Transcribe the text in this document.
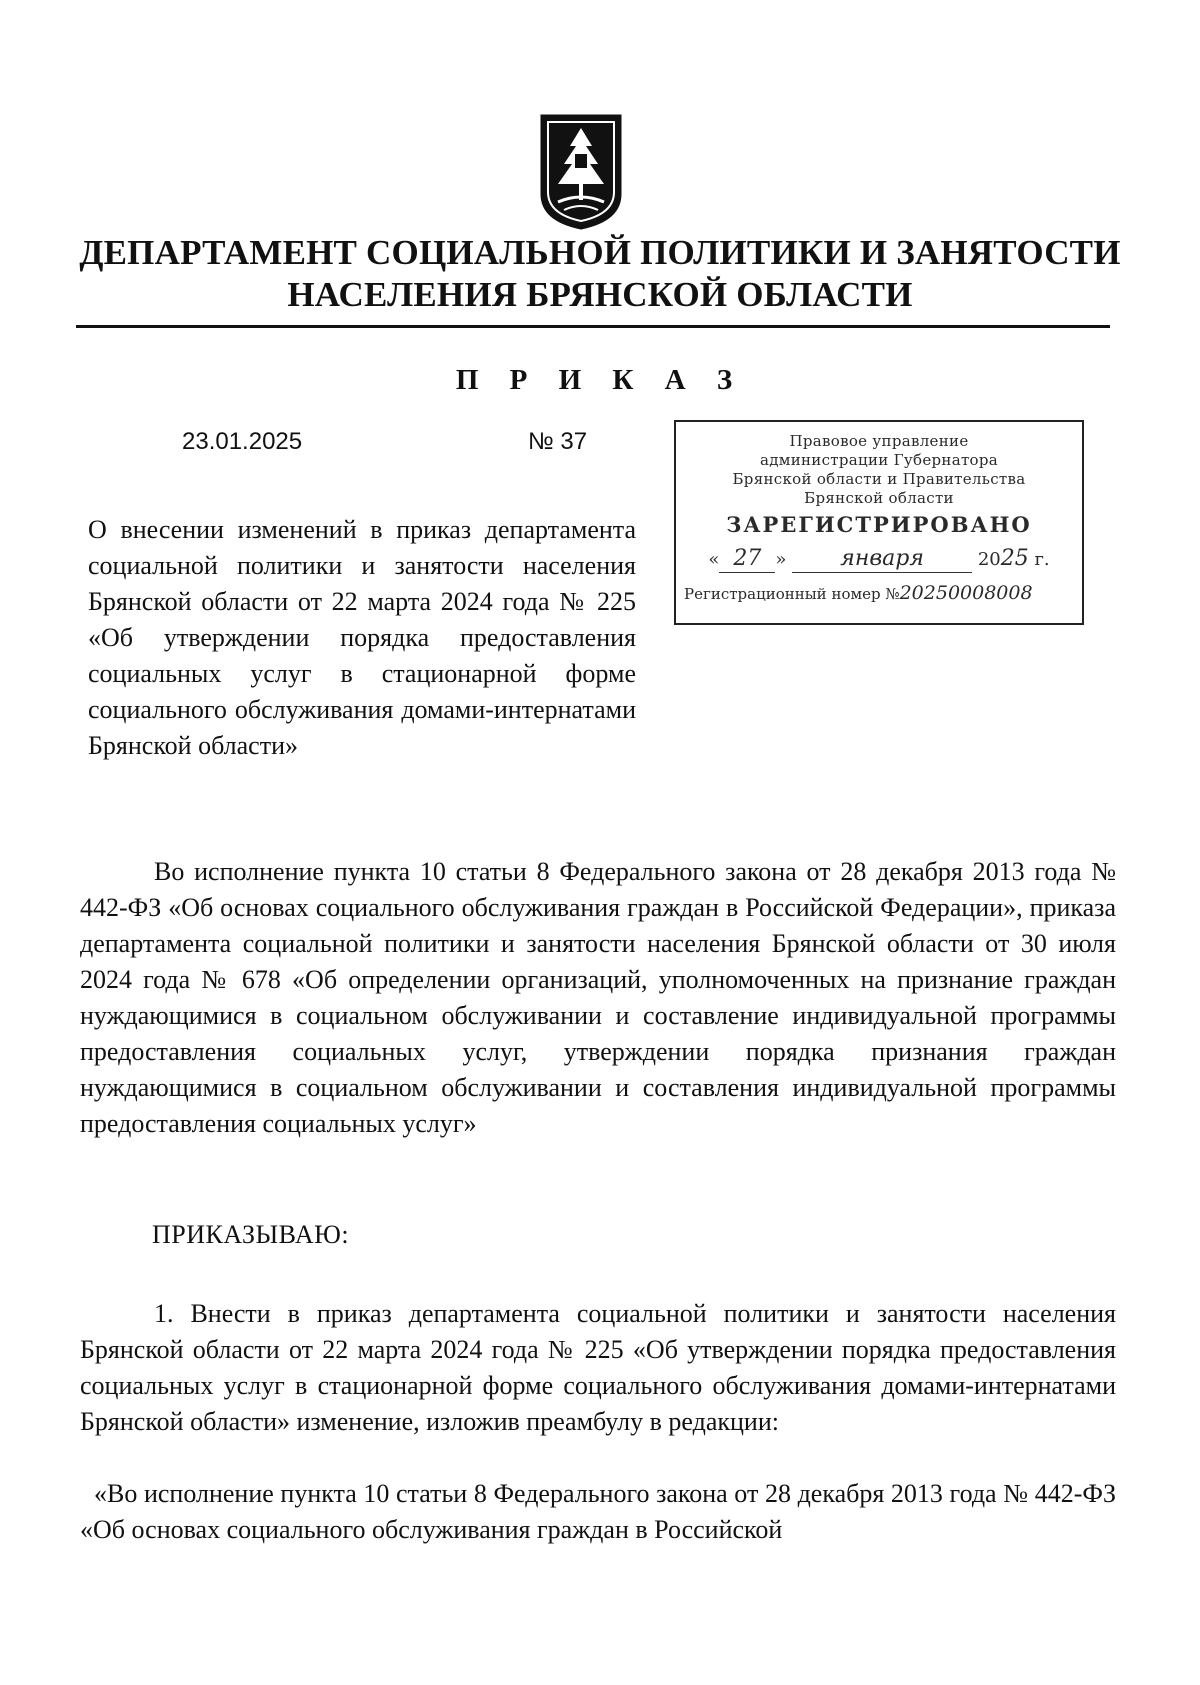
ДЕПАРТАМЕНТ СОЦИАЛЬНОЙ ПОЛИТИКИ И ЗАНЯТОСТИ
НАСЕЛЕНИЯ БРЯНСКОЙ ОБЛАСТИ
П Р И К А З
23.01.2025	№ 37	Правовое управление
администрации Губернатора
Брянской области и Правительства
Брянской области
ЗАРЕГИСТРИРОВАНО
« 27 » января	2025 г.
Регистрационный номер №20250008008
О внесении изменений в приказ департамента социальной политики и занятости населения Брянской области от 22 марта 2024 года № 225 «Об утверждении порядка предоставления социальных услуг в стационарной форме социального обслуживания домами-интернатами Брянской области»
Во исполнение пункта 10 статьи 8 Федерального закона от 28 декабря 2013 года № 442-ФЗ «Об основах социального обслуживания граждан в Российской Федерации», приказа департамента социальной политики и занятости населения Брянской области от 30 июля 2024 года № 678 «Об определении организаций, уполномоченных на признание граждан нуждающимися в социальном обслуживании и составление индивидуальной программы предоставления социальных услуг, утверждении порядка признания граждан нуждающимися в социальном обслуживании и составления индивидуальной программы предоставления социальных услуг»
ПРИКАЗЫВАЮ:
1. Внести в приказ департамента социальной политики и занятости населения Брянской области от 22 марта 2024 года № 225 «Об утверждении порядка предоставления социальных услуг в стационарной форме социального обслуживания домами-интернатами Брянской области» изменение, изложив преамбулу в редакции:
«Во исполнение пункта 10 статьи 8 Федерального закона от 28 декабря 2013 года № 442-ФЗ «Об основах социального обслуживания граждан в Российской
